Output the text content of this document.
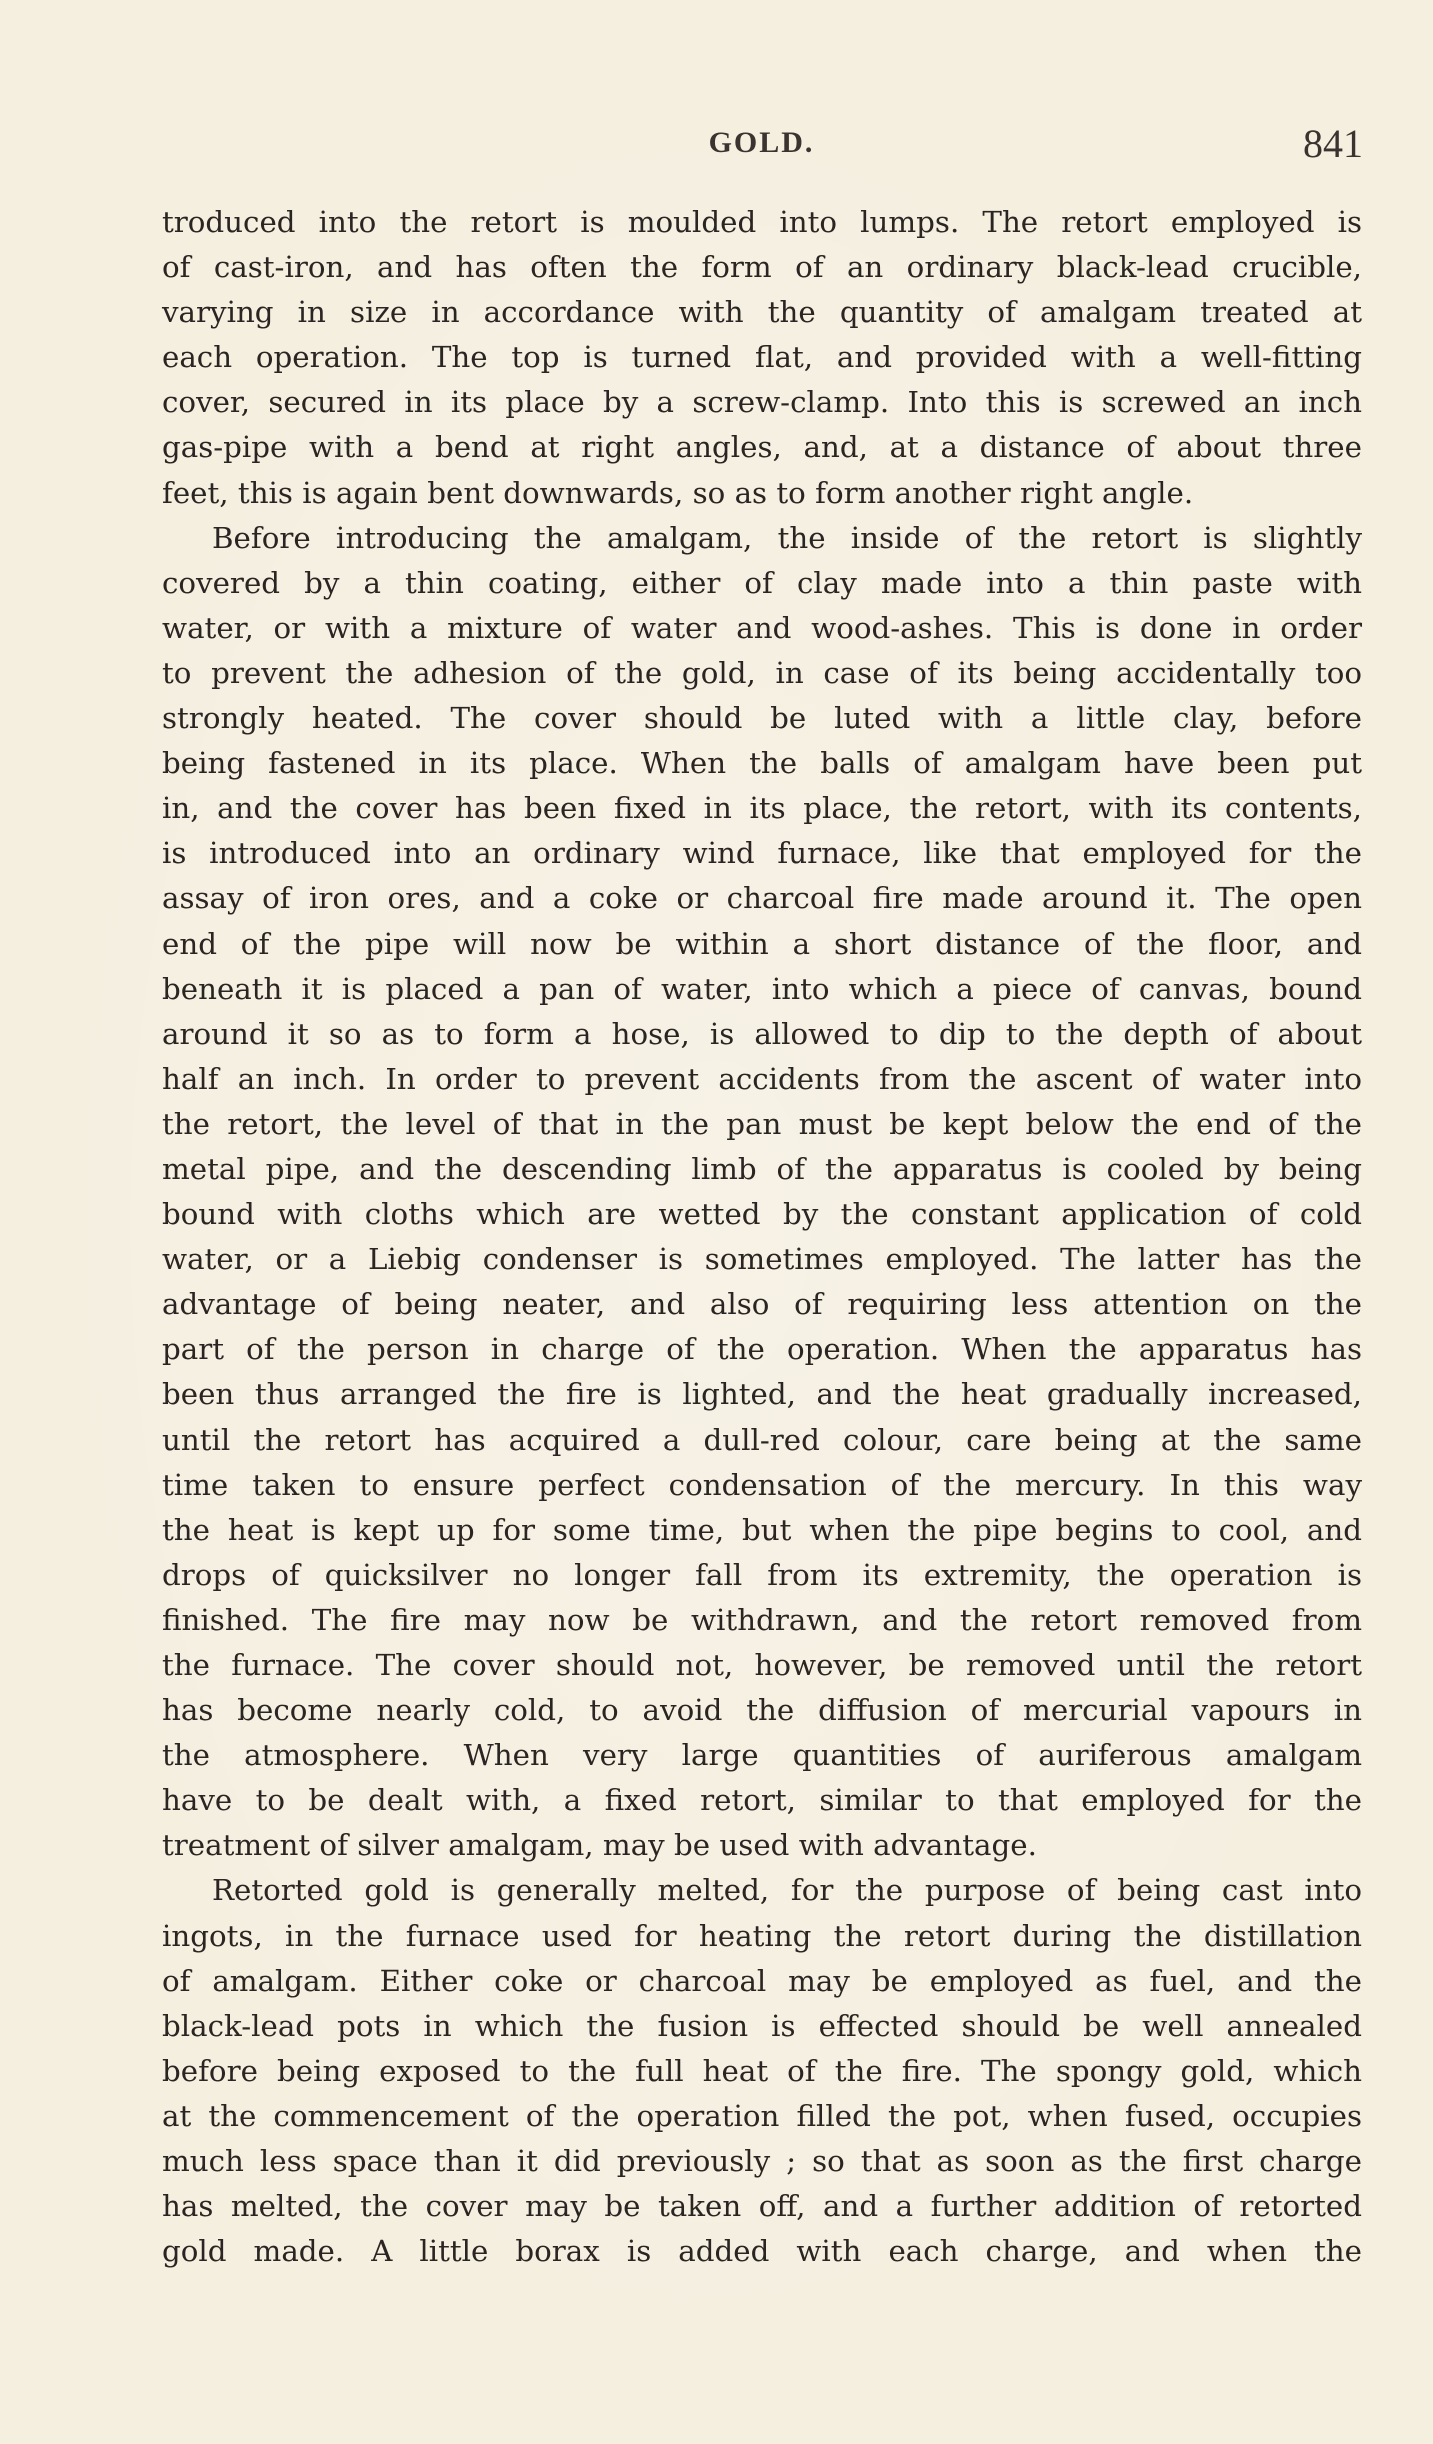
GOLD.	841
troduced into the retort is moulded into lumps. The retort employed is
of cast-iron, and has often the form of an ordinary black-lead crucible,
varying in size in accordance with the quantity of amalgam treated at
each operation. The top is turned flat, and provided with a well-fitting
cover, secured in its place by a screw-clamp. Into this is screwed an inch
gas-pipe with a bend at right angles, and, at a distance of about three
feet, this is again bent downwards, so as to form another right angle.
Before introducing the amalgam, the inside of the retort is slightly
covered by a thin coating, either of clay made into a thin paste with
water, or with a mixture of water and wood-ashes. This is done in order
to prevent the adhesion of the gold, in case of its being accidentally too
strongly heated. The cover should be luted with a little clay, before
being fastened in its place. When the balls of amalgam have been put
in, and the cover has been fixed in its place, the retort, with its contents,
is introduced into an ordinary wind furnace, like that employed for the
assay of iron ores, and a coke or charcoal fire made around it. The open
end of the pipe will now be within a short distance of the floor, and
beneath it is placed a pan of water, into which a piece of canvas, bound
around it so as to form a hose, is allowed to dip to the depth of about
half an inch. In order to prevent accidents from the ascent of water into
the retort, the level of that in the pan must be kept below the end of the
metal pipe, and the descending limb of the apparatus is cooled by being
bound with cloths which are wetted by the constant application of cold
water, or a Liebig condenser is sometimes employed. The latter has the
advantage of being neater, and also of requiring less attention on the
part of the person in charge of the operation. When the apparatus has
been thus arranged the fire is lighted, and the heat gradually increased,
until the retort has acquired a dull-red colour, care being at the same
time taken to ensure perfect condensation of the mercury. In this way
the heat is kept up for some time, but when the pipe begins to cool, and
drops of quicksilver no longer fall from its extremity, the operation is
finished. The fire may now be withdrawn, and the retort removed from
the furnace. The cover should not, however, be removed until the retort
has become nearly cold, to avoid the diffusion of mercurial vapours in
the atmosphere. When very large quantities of auriferous amalgam
have to be dealt with, a fixed retort, similar to that employed for the
treatment of silver amalgam, may be used with advantage.
Retorted gold is generally melted, for the purpose of being cast into
ingots, in the furnace used for heating the retort during the distillation
of amalgam. Either coke or charcoal may be employed as fuel, and the
black-lead pots in which the fusion is effected should be well annealed
before being exposed to the full heat of the fire. The spongy gold, which
at the commencement of the operation filled the pot, when fused, occupies
much less space than it did previously ; so that as soon as the first charge
has melted, the cover may be taken off, and a further addition of retorted
gold made. A little borax is added with each charge, and when the
